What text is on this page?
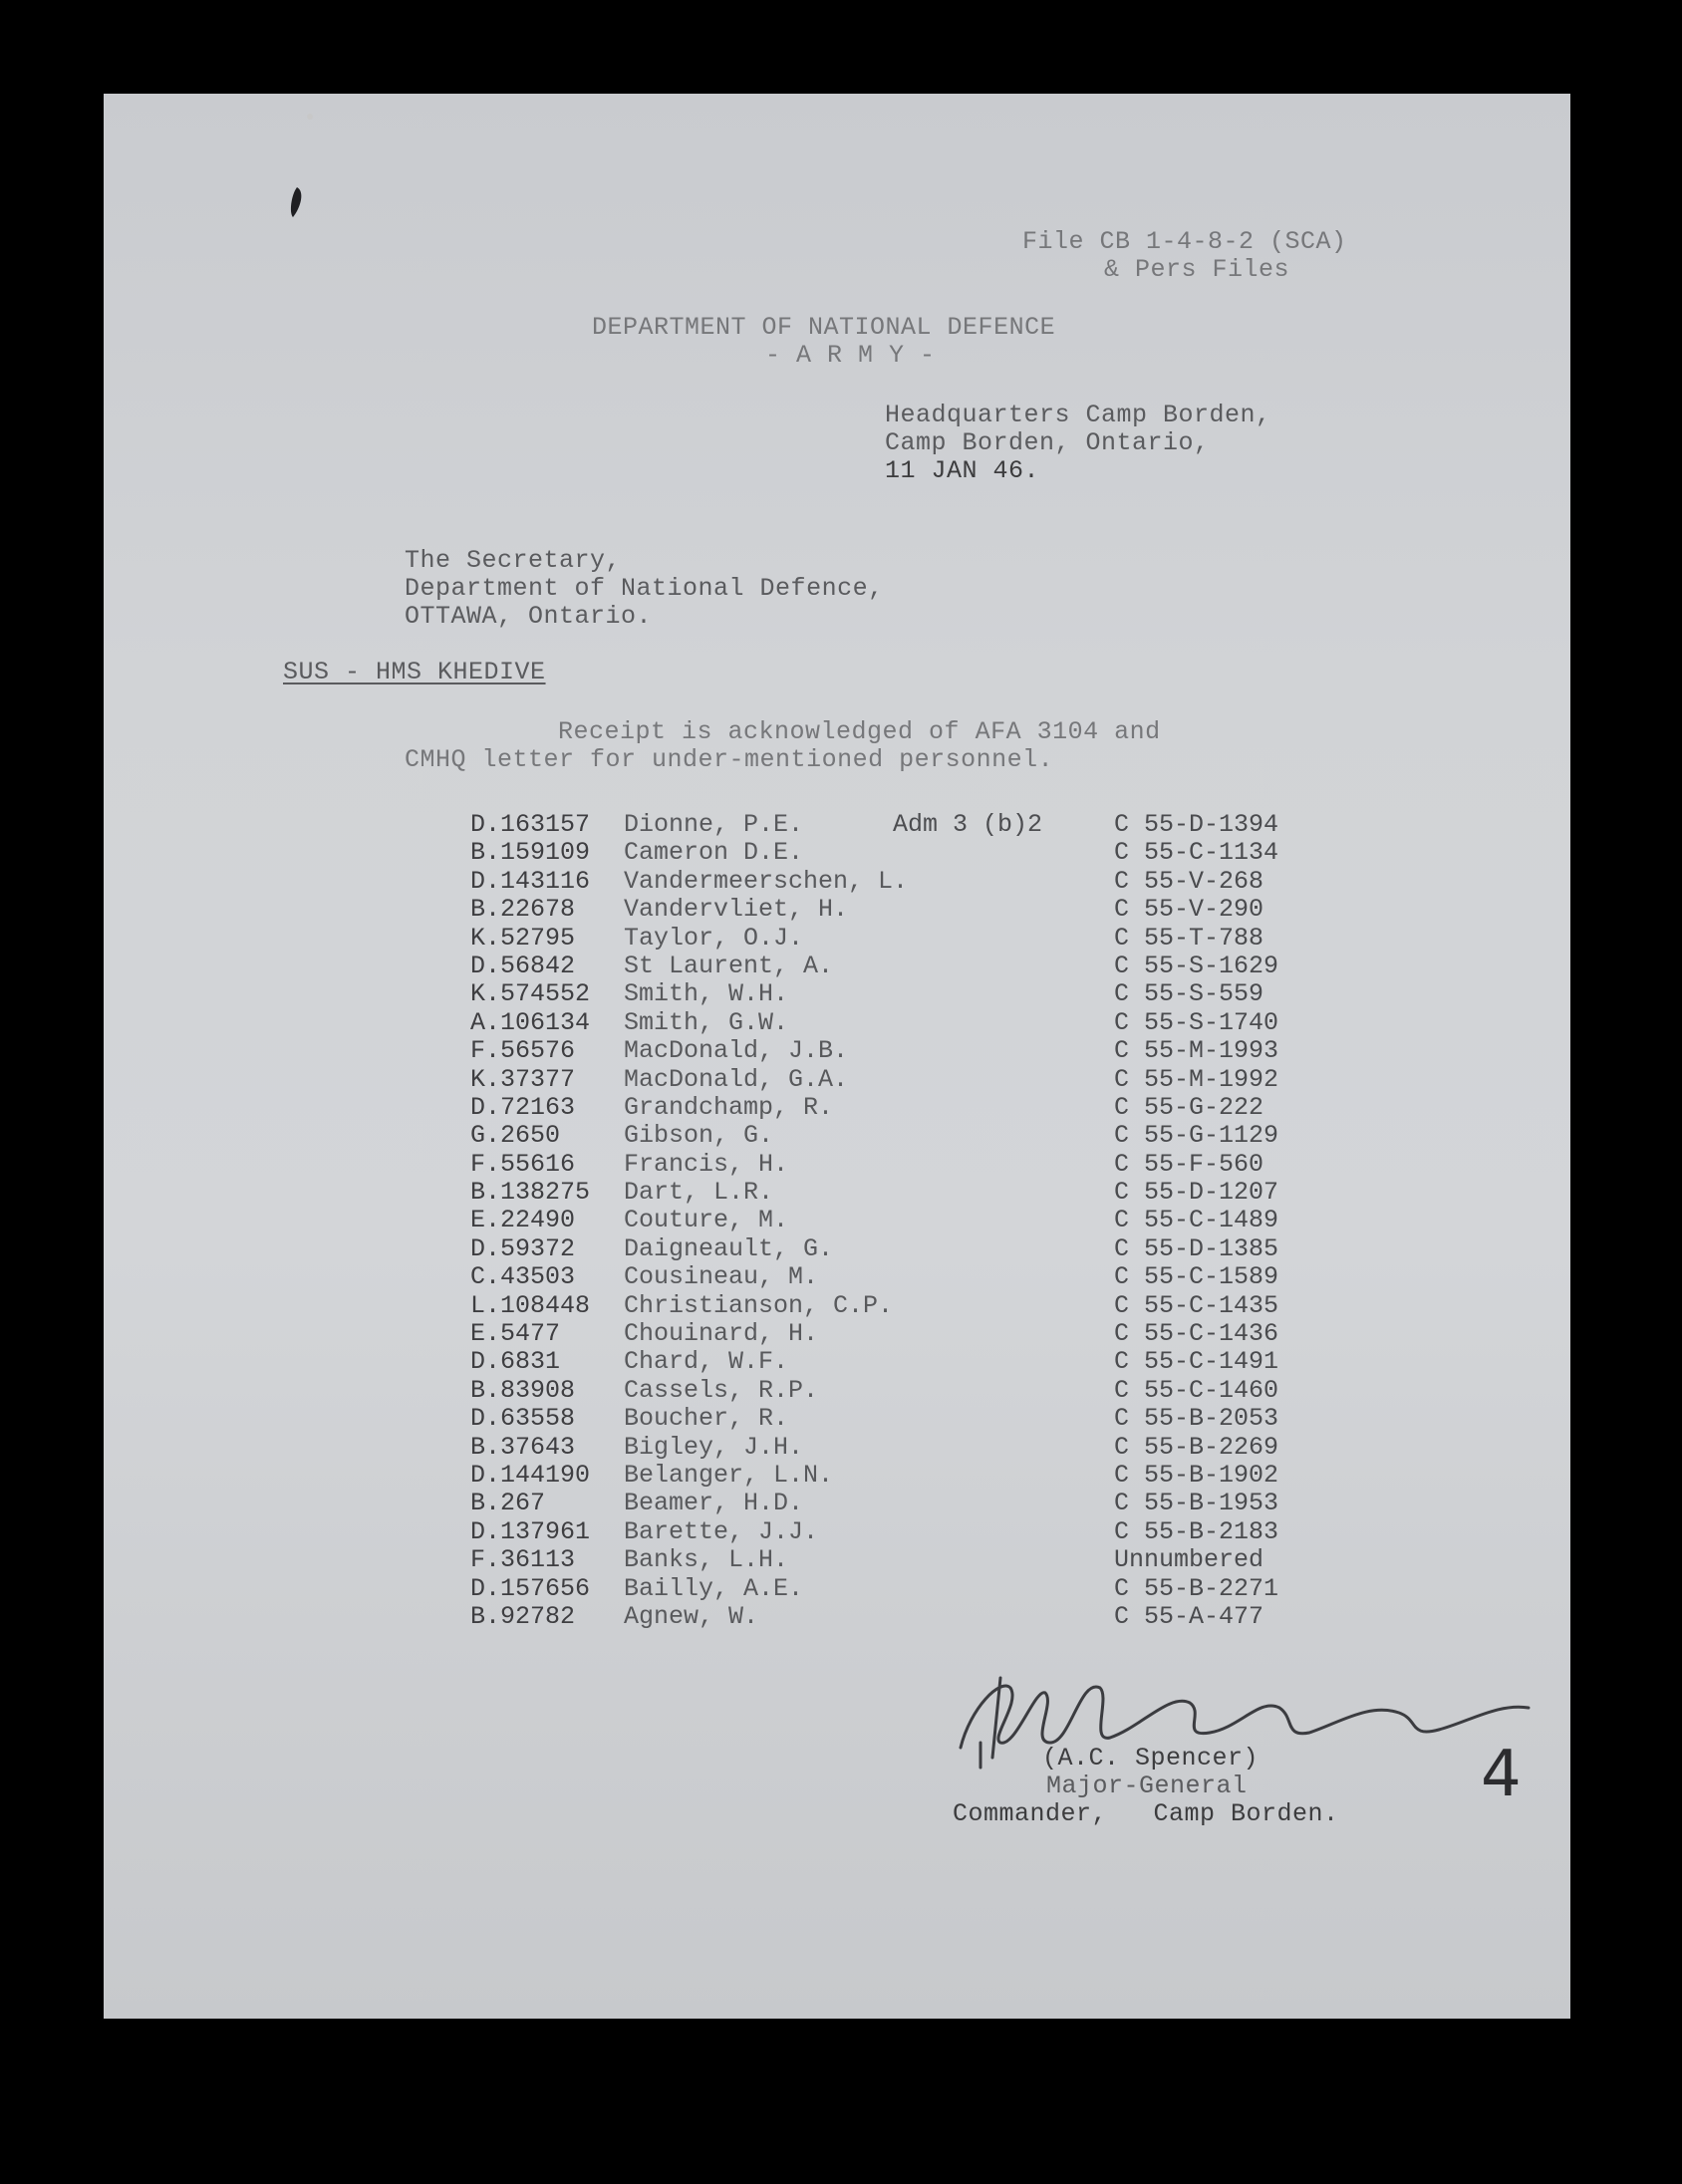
File CB 1-4-8-2 (SCA)
& Pers Files
DEPARTMENT OF NATIONAL DEFENCE
- A R M Y -
Headquarters Camp Borden,
Camp Borden, Ontario,
11 JAN 46.
The Secretary,
Department of National Defence,
OTTAWA, Ontario.
SUS - HMS KHEDIVE
Receipt is acknowledged of AFA 3104 and
CMHQ letter for under-mentioned personnel.
D.163157	Dionne, P.E.	Adm 3 (b)2	C 55-D-1394
B.159109	Cameron D.E.	C 55-C-1134
D.143116	Vandermeerschen, L.	C 55-V-268
B.22678	Vandervliet, H.	C 55-V-290
K.52795	Taylor, O.J.	C 55-T-788
D.56842	St Laurent, A.	C 55-S-1629
K.574552	Smith, W.H.	C 55-S-559
A.106134	Smith, G.W.	C 55-S-1740
F.56576	MacDonald, J.B.	C 55-M-1993
K.37377	MacDonald, G.A.	C 55-M-1992
D.72163	Grandchamp, R.	C 55-G-222
G.2650	Gibson, G.	C 55-G-1129
F.55616	Francis, H.	C 55-F-560
B.138275	Dart, L.R.	C 55-D-1207
E.22490	Couture, M.	C 55-C-1489
D.59372	Daigneault, G.	C 55-D-1385
C.43503	Cousineau, M.	C 55-C-1589
L.108448	Christianson, C.P.	C 55-C-1435
E.5477	Chouinard, H.	C 55-C-1436
D.6831	Chard, W.F.	C 55-C-1491
B.83908	Cassels, R.P.	C 55-C-1460
D.63558	Boucher, R.	C 55-B-2053
B.37643	Bigley, J.H.	C 55-B-2269
D.144190	Belanger, L.N.	C 55-B-1902
B.267	Beamer, H.D.	C 55-B-1953
D.137961	Barette, J.J.	C 55-B-2183
F.36113	Banks, L.H.	Unnumbered
D.157656	Bailly, A.E.	C 55-B-2271
B.92782	Agnew, W.	C 55-A-477
(A.C. Spencer)
Major-General
Commander,   Camp Borden.
4
